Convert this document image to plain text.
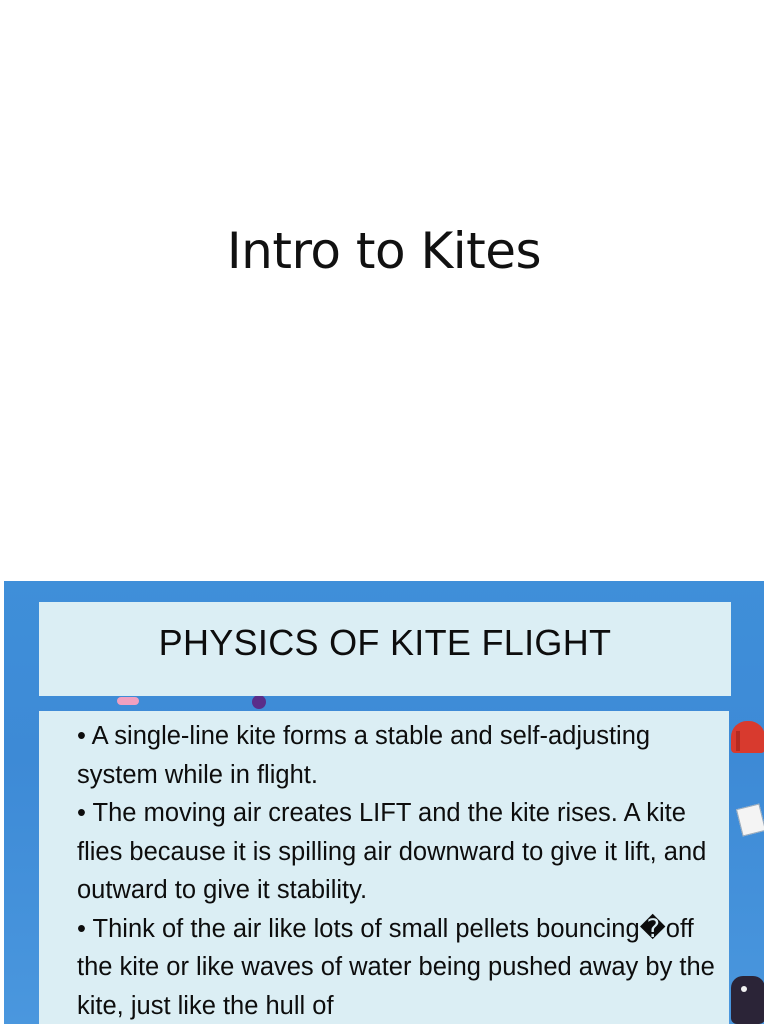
Intro to Kites
PHYSICS OF KITE FLIGHT

• A single-line kite forms a stable and self-adjusting system while in flight.

• The moving air creates LIFT and the kite rises. A kite flies because it is spilling air downward to give it lift, and outward to give it stability.

• Think of the air like lots of small pellets bouncing�off the kite or like waves of water being pushed away by the kite, just like the hull of
